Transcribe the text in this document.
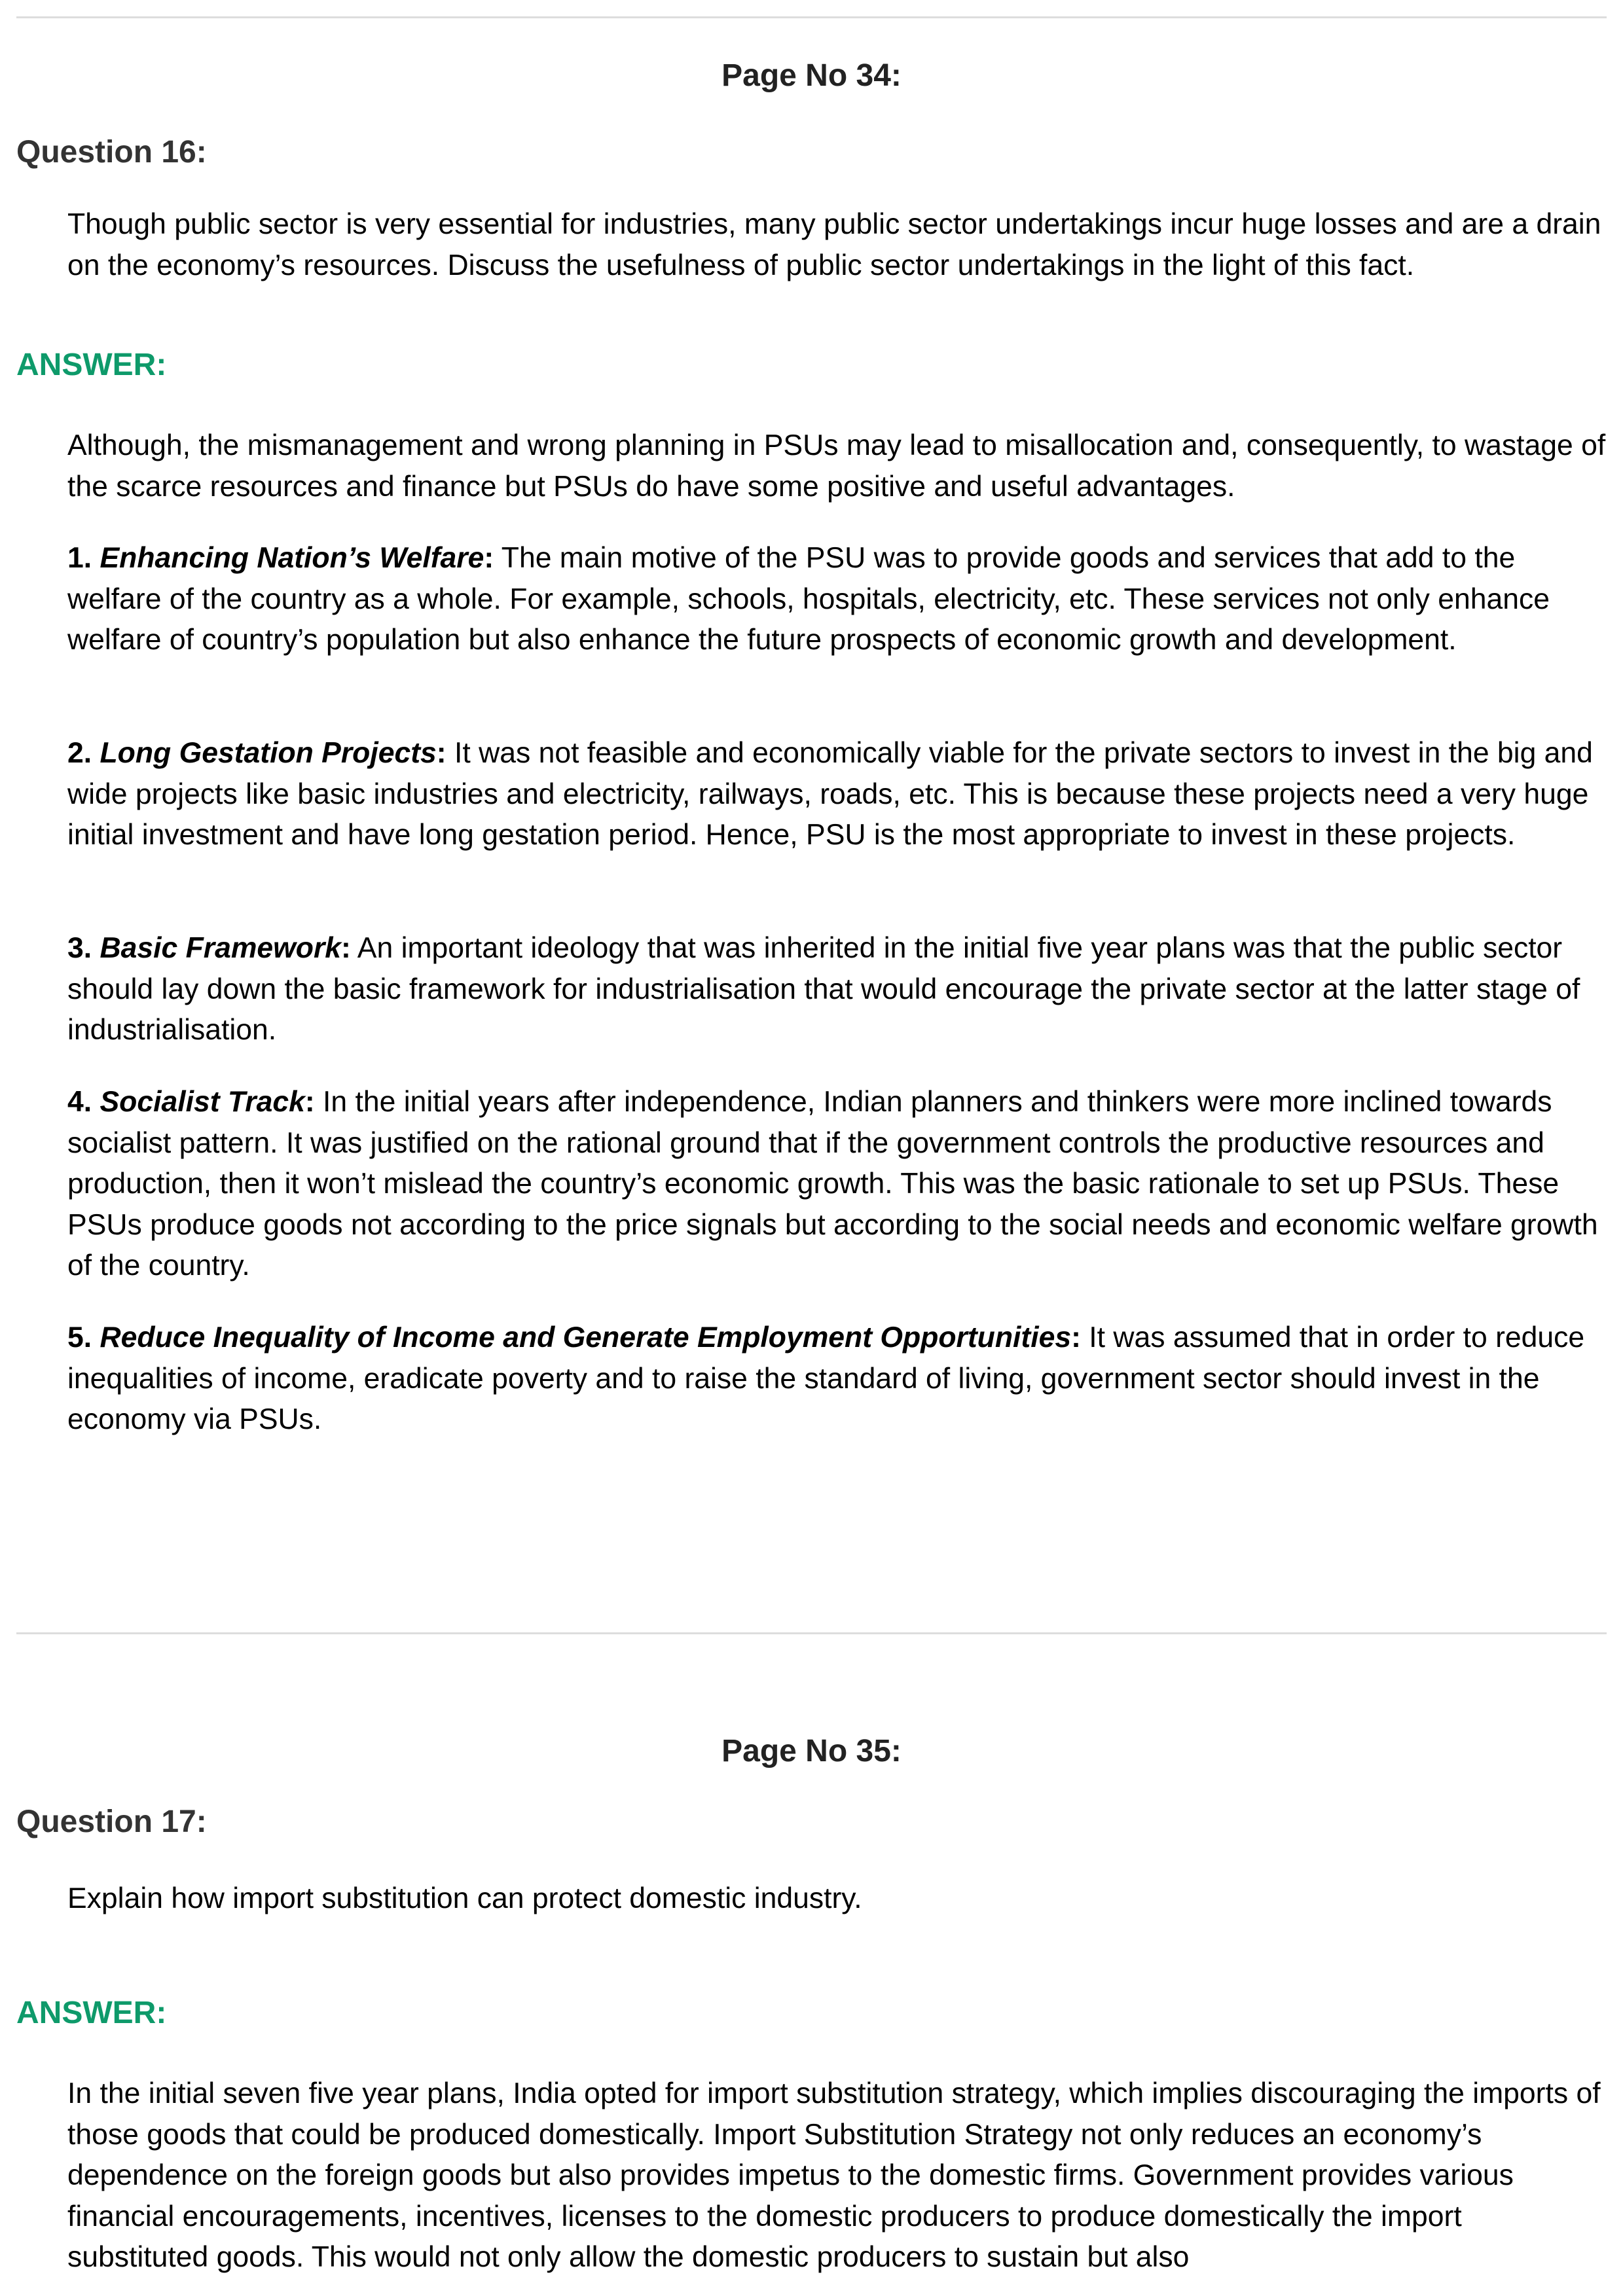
Page No 34:
Question 16:

Though public sector is very essential for industries, many public sector undertakings incur huge losses and are a drain on the economy’s resources. Discuss the usefulness of public sector undertakings in the light of this fact.

ANSWER:

Although, the mismanagement and wrong planning in PSUs may lead to misallocation and, consequently, to wastage of the scarce resources and finance but PSUs do have some positive and useful advantages.

1. Enhancing Nation’s Welfare: The main motive of the PSU was to provide goods and services that add to the welfare of the country as a whole. For example, schools, hospitals, electricity, etc. These services not only enhance welfare of country’s population but also enhance the future prospects of economic growth and development.

2. Long Gestation Projects: It was not feasible and economically viable for the private sectors to invest in the big and wide projects like basic industries and electricity, railways, roads, etc. This is because these projects need a very huge initial investment and have long gestation period. Hence, PSU is the most appropriate to invest in these projects.

3. Basic Framework: An important ideology that was inherited in the initial five year plans was that the public sector should lay down the basic framework for industrialisation that would encourage the private sector at the latter stage of industrialisation.

4. Socialist Track: In the initial years after independence, Indian planners and thinkers were more inclined towards socialist pattern. It was justified on the rational ground that if the government controls the productive resources and production, then it won’t mislead the country’s economic growth. This was the basic rationale to set up PSUs. These PSUs produce goods not according to the price signals but according to the social needs and economic welfare growth of the country.

5. Reduce Inequality of Income and Generate Employment Opportunities: It was assumed that in order to reduce inequalities of income, eradicate poverty and to raise the standard of living, government sector should invest in the economy via PSUs.

Page No 35:
Question 17:

Explain how import substitution can protect domestic industry.

ANSWER:

In the initial seven five year plans, India opted for import substitution strategy, which implies discouraging the imports of those goods that could be produced domestically. Import Substitution Strategy not only reduces an economy’s dependence on the foreign goods but also provides impetus to the domestic firms. Government provides various financial encouragements, incentives, licenses to the domestic producers to produce domestically the import substituted goods. This would not only allow the domestic producers to sustain but also
